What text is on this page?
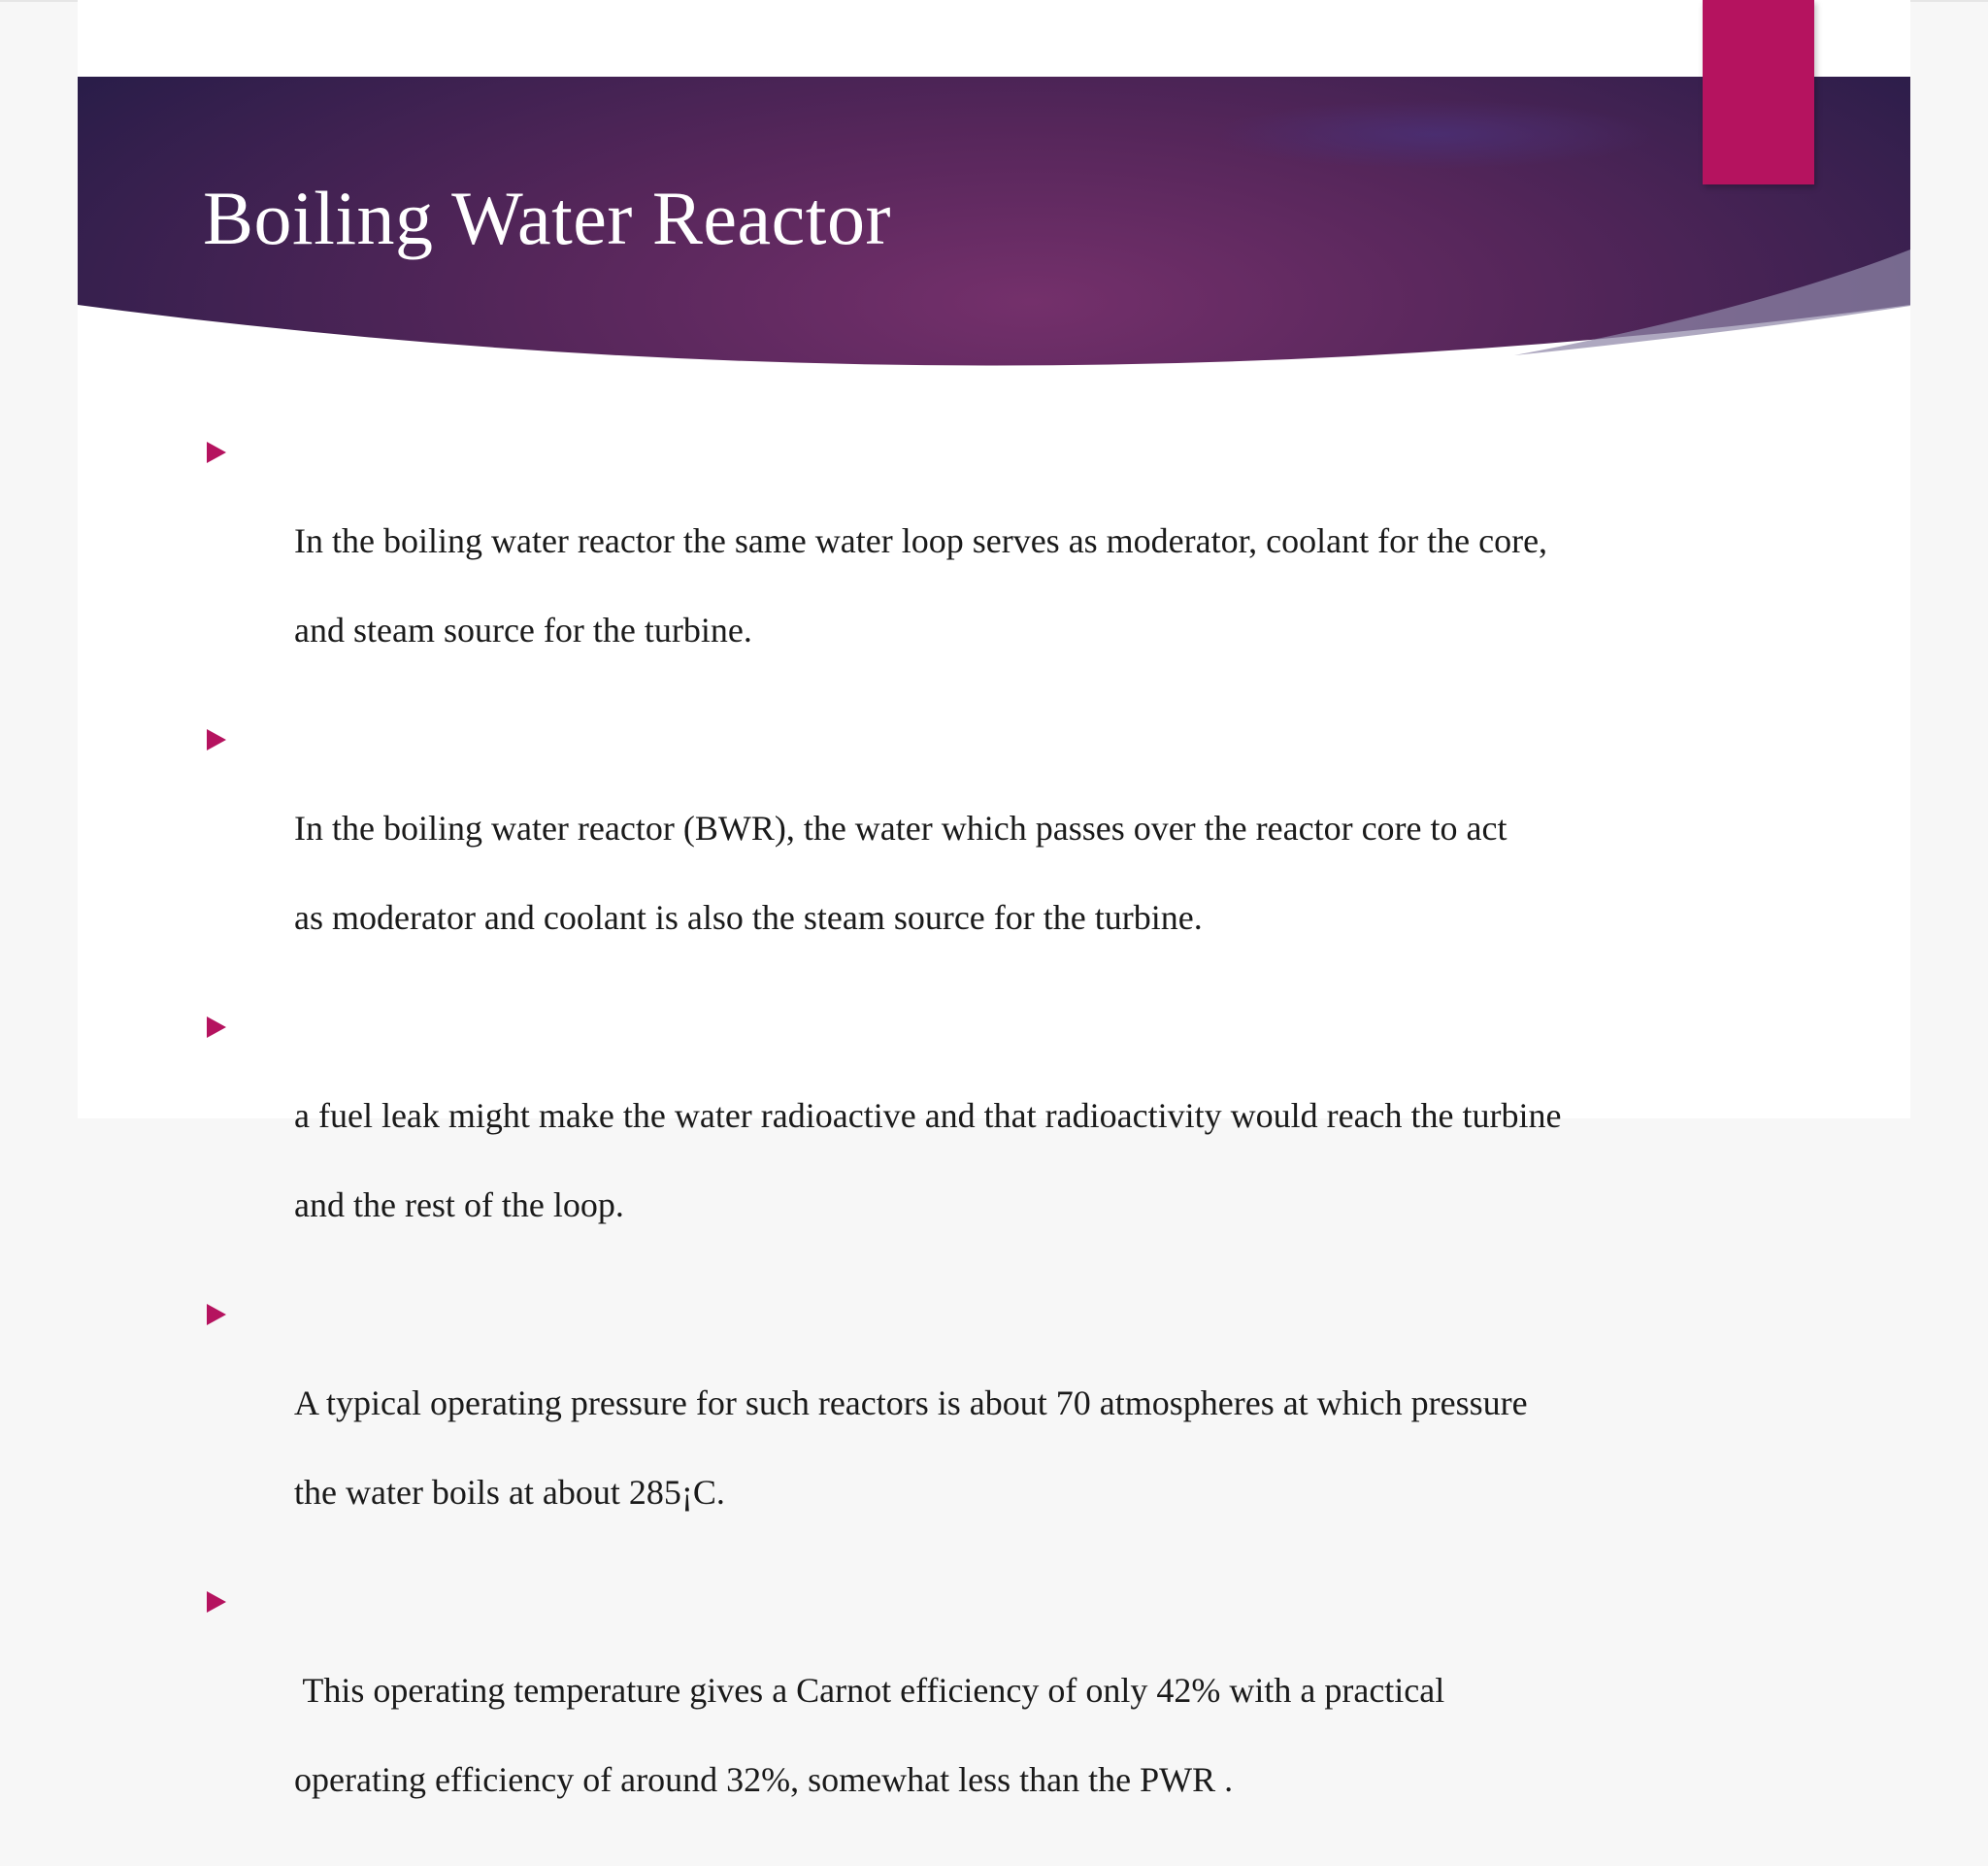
Boiling Water Reactor

In the boiling water reactor the same water loop serves as moderator, coolant for the core,

and steam source for the turbine.

In the boiling water reactor (BWR), the water which passes over the reactor core to act

as moderator and coolant is also the steam source for the turbine.

a fuel leak might make the water radioactive and that radioactivity would reach the turbine

and the rest of the loop.

A typical operating pressure for such reactors is about 70 atmospheres at which pressure

the water boils at about 285¡C.

This operating temperature gives a Carnot efficiency of only 42% with a practical

operating efficiency of around 32%, somewhat less than the PWR .
